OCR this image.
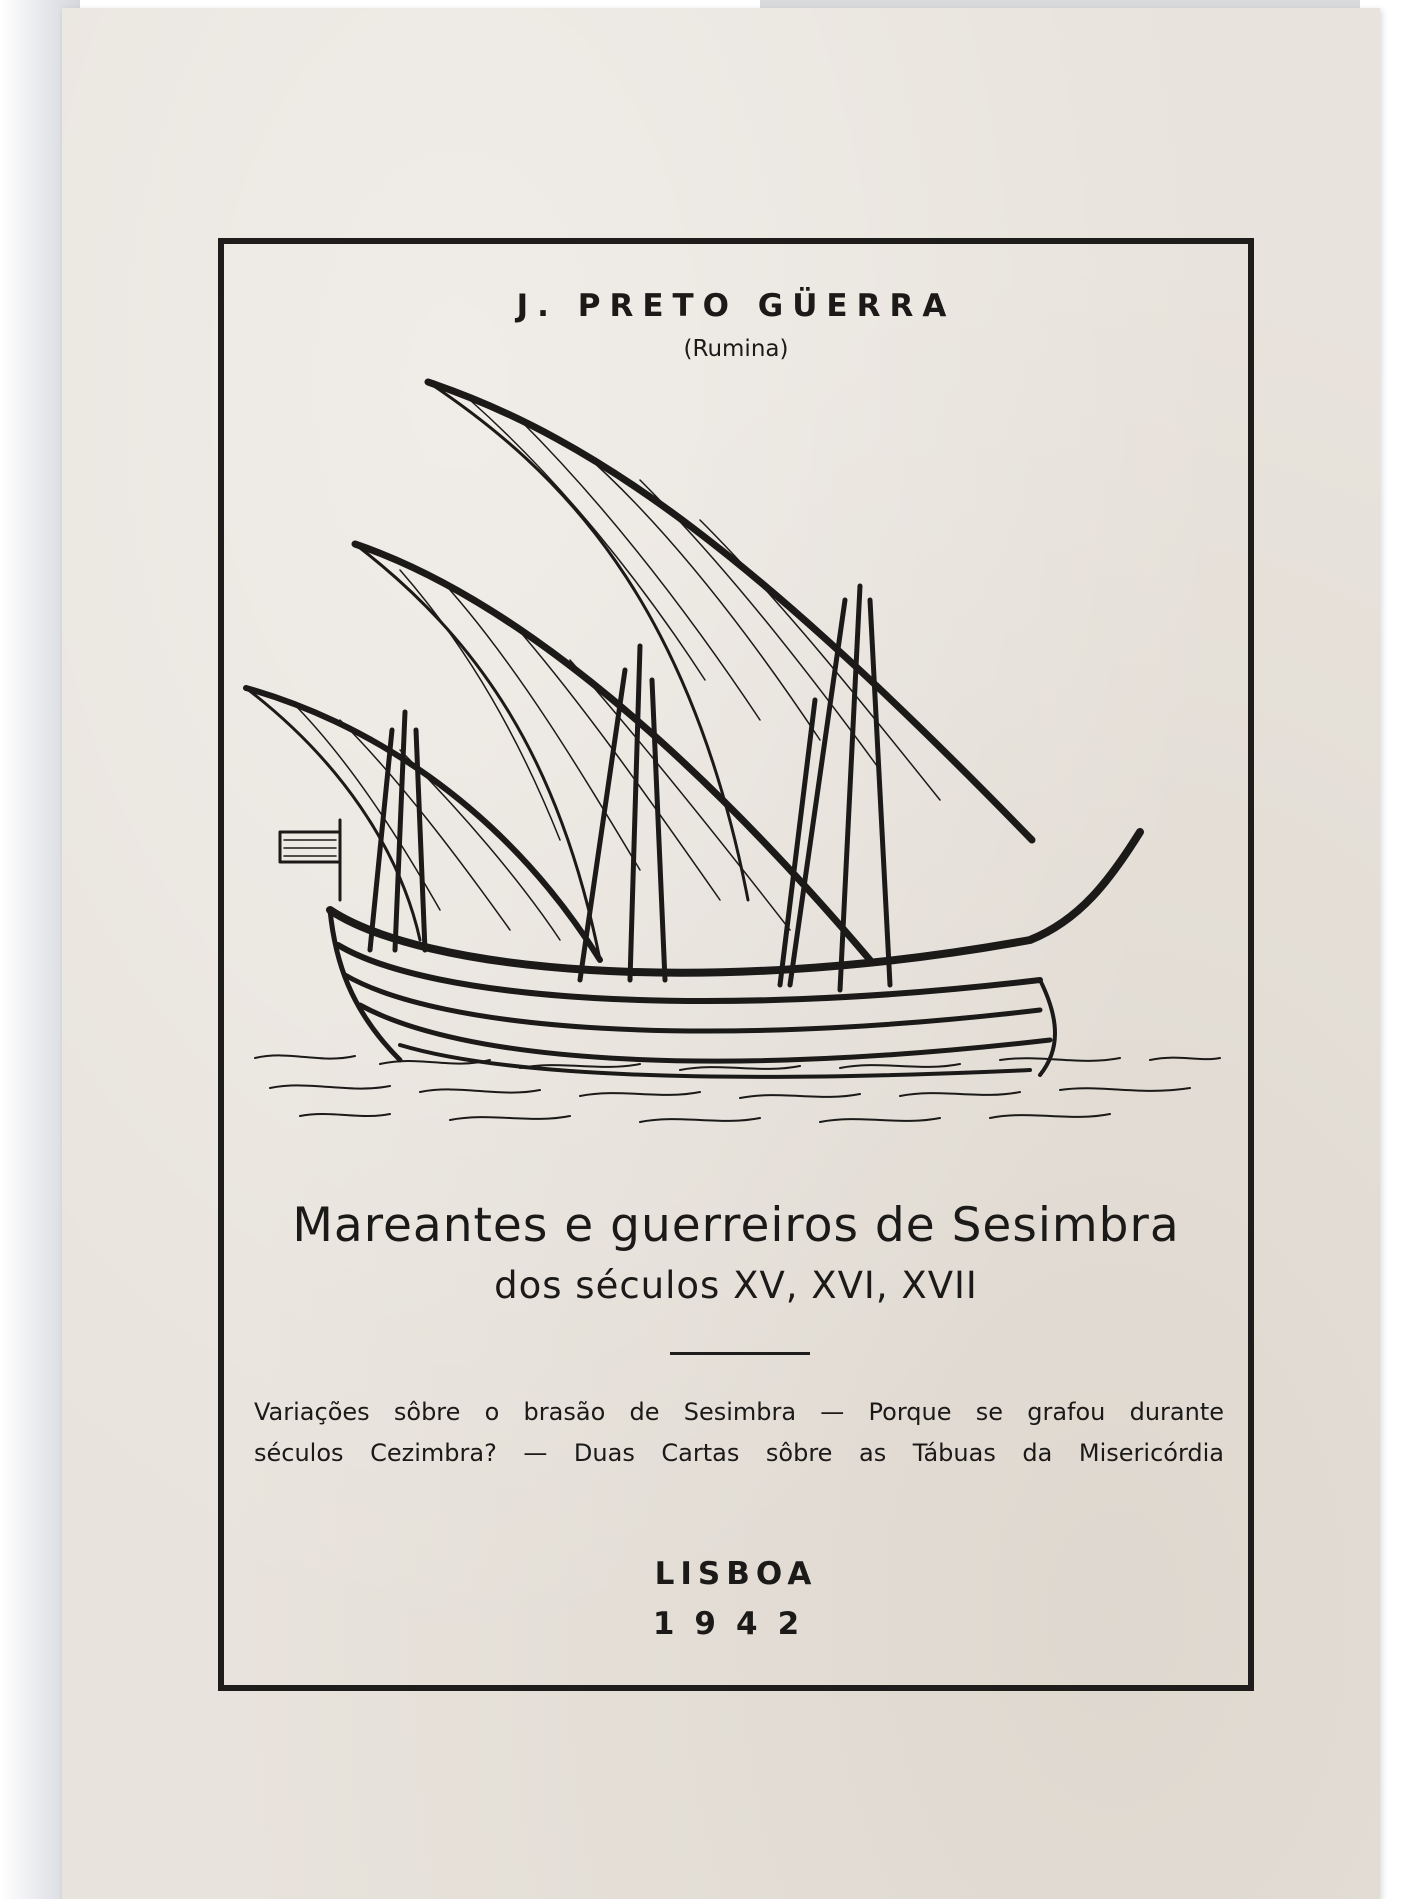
J. PRETO GÜERRA
(Rumina)
Mareantes e guerreiros de Sesimbra
dos séculos XV, XVI, XVII
Variações sôbre o brasão de Sesimbra — Porque se grafou durante
séculos Cezimbra? — Duas Cartas sôbre as Tábuas da Misericórdia
LISBOA
1942
